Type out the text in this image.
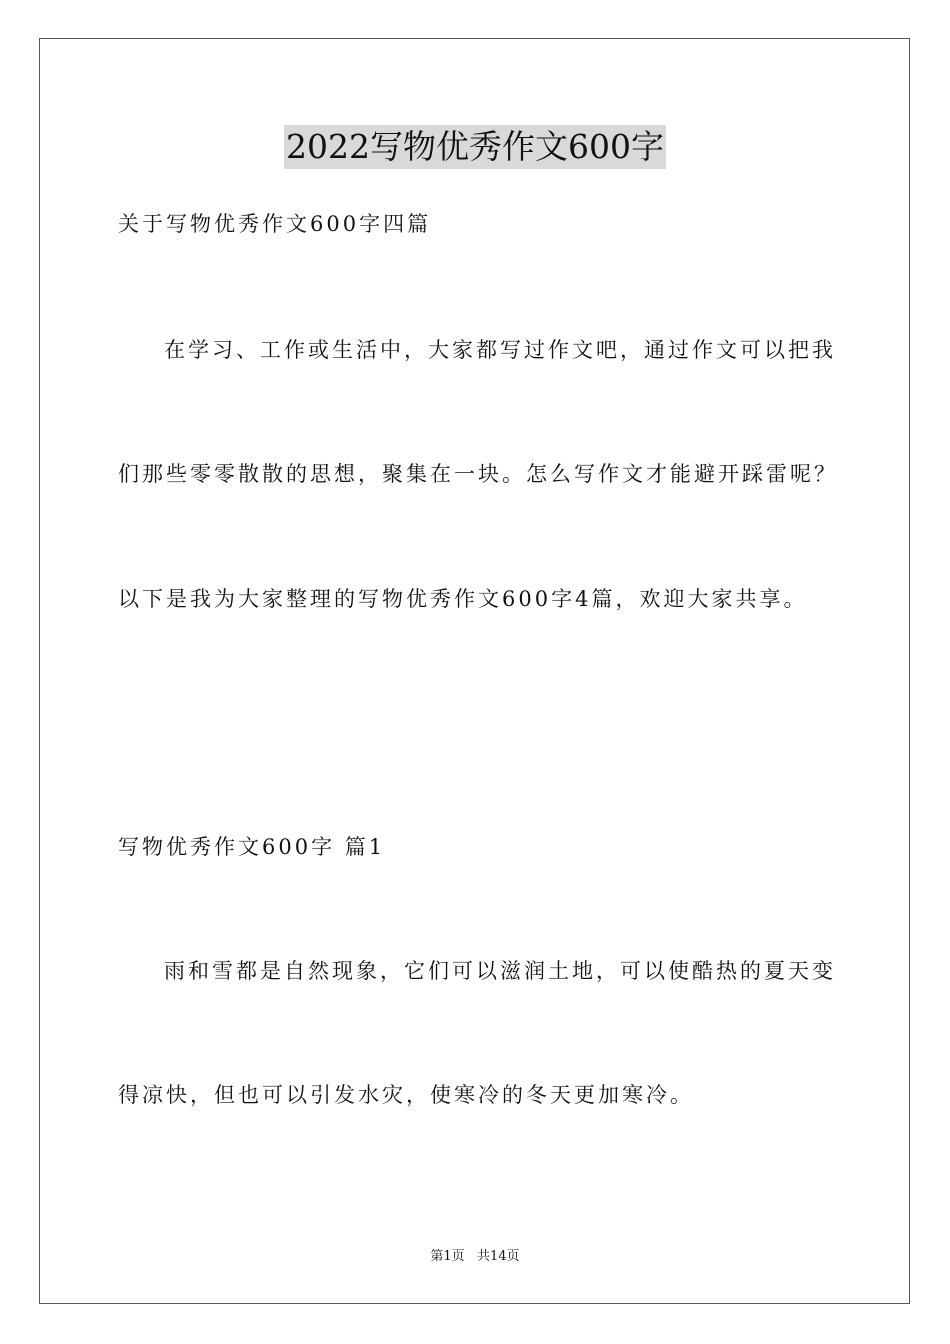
2022写物优秀作文600字
关于写物优秀作文600字四篇
在学习、工作或生活中，大家都写过作文吧，通过作文可以把我
们那些零零散散的思想，聚集在一块。怎么写作文才能避开踩雷呢？
以下是我为大家整理的写物优秀作文600字4篇，欢迎大家共享。
写物优秀作文600字 篇1
雨和雪都是自然现象，它们可以滋润土地，可以使酷热的夏天变
得凉快，但也可以引发水灾，使寒冷的冬天更加寒冷。
第1页   共14页
